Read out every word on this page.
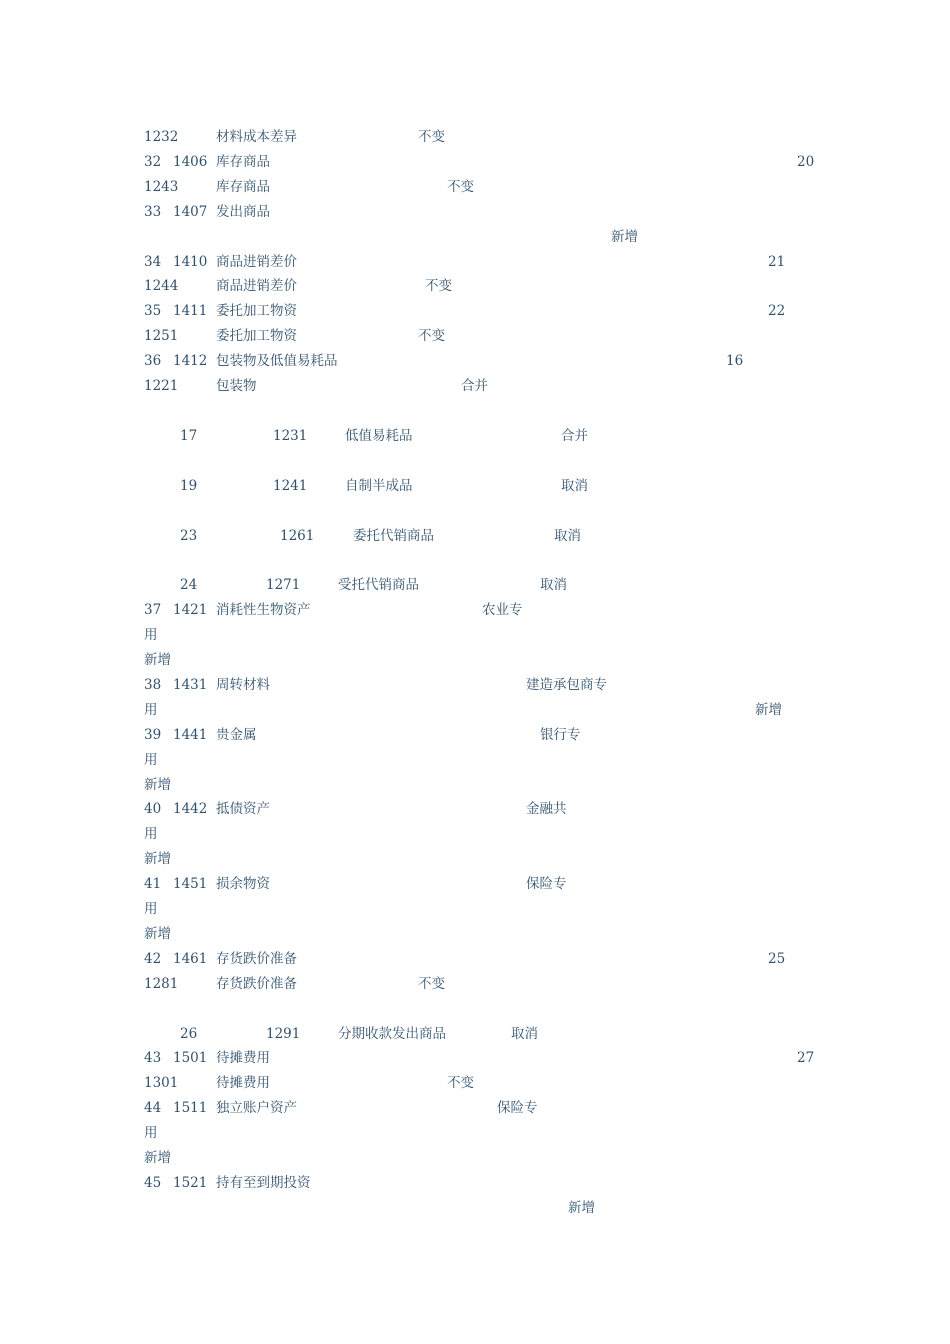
1232	材料成本差异	不变
32 1406 库存商品	20
1243	库存商品	不变
33 1407 发出商品
新增
34 1410 商品进销差价	21
1244	商品进销差价	不变
35 1411 委托加工物资	22
1251	委托加工物资	不变
36 1412 包装物及低值易耗品	16
1221	包装物	合并
17	1231	低值易耗品	合并
19	1241	自制半成品	取消
23	1261	委托代销商品	取消
24	1271	受托代销商品	取消
37 1421 消耗性生物资产	农业专
用
新增
38 1431 周转材料	建造承包商专
用	新增
39 1441 贵金属	银行专
用
新增
40 1442 抵债资产	金融共
用
新增
41 1451 损余物资	保险专
用
新增
42 1461 存货跌价准备	25
1281	存货跌价准备	不变
26	1291	分期收款发出商品	取消
43 1501 待摊费用	27
1301	待摊费用	不变
44 1511 独立账户资产	保险专
用
新增
45 1521 持有至到期投资
新增
